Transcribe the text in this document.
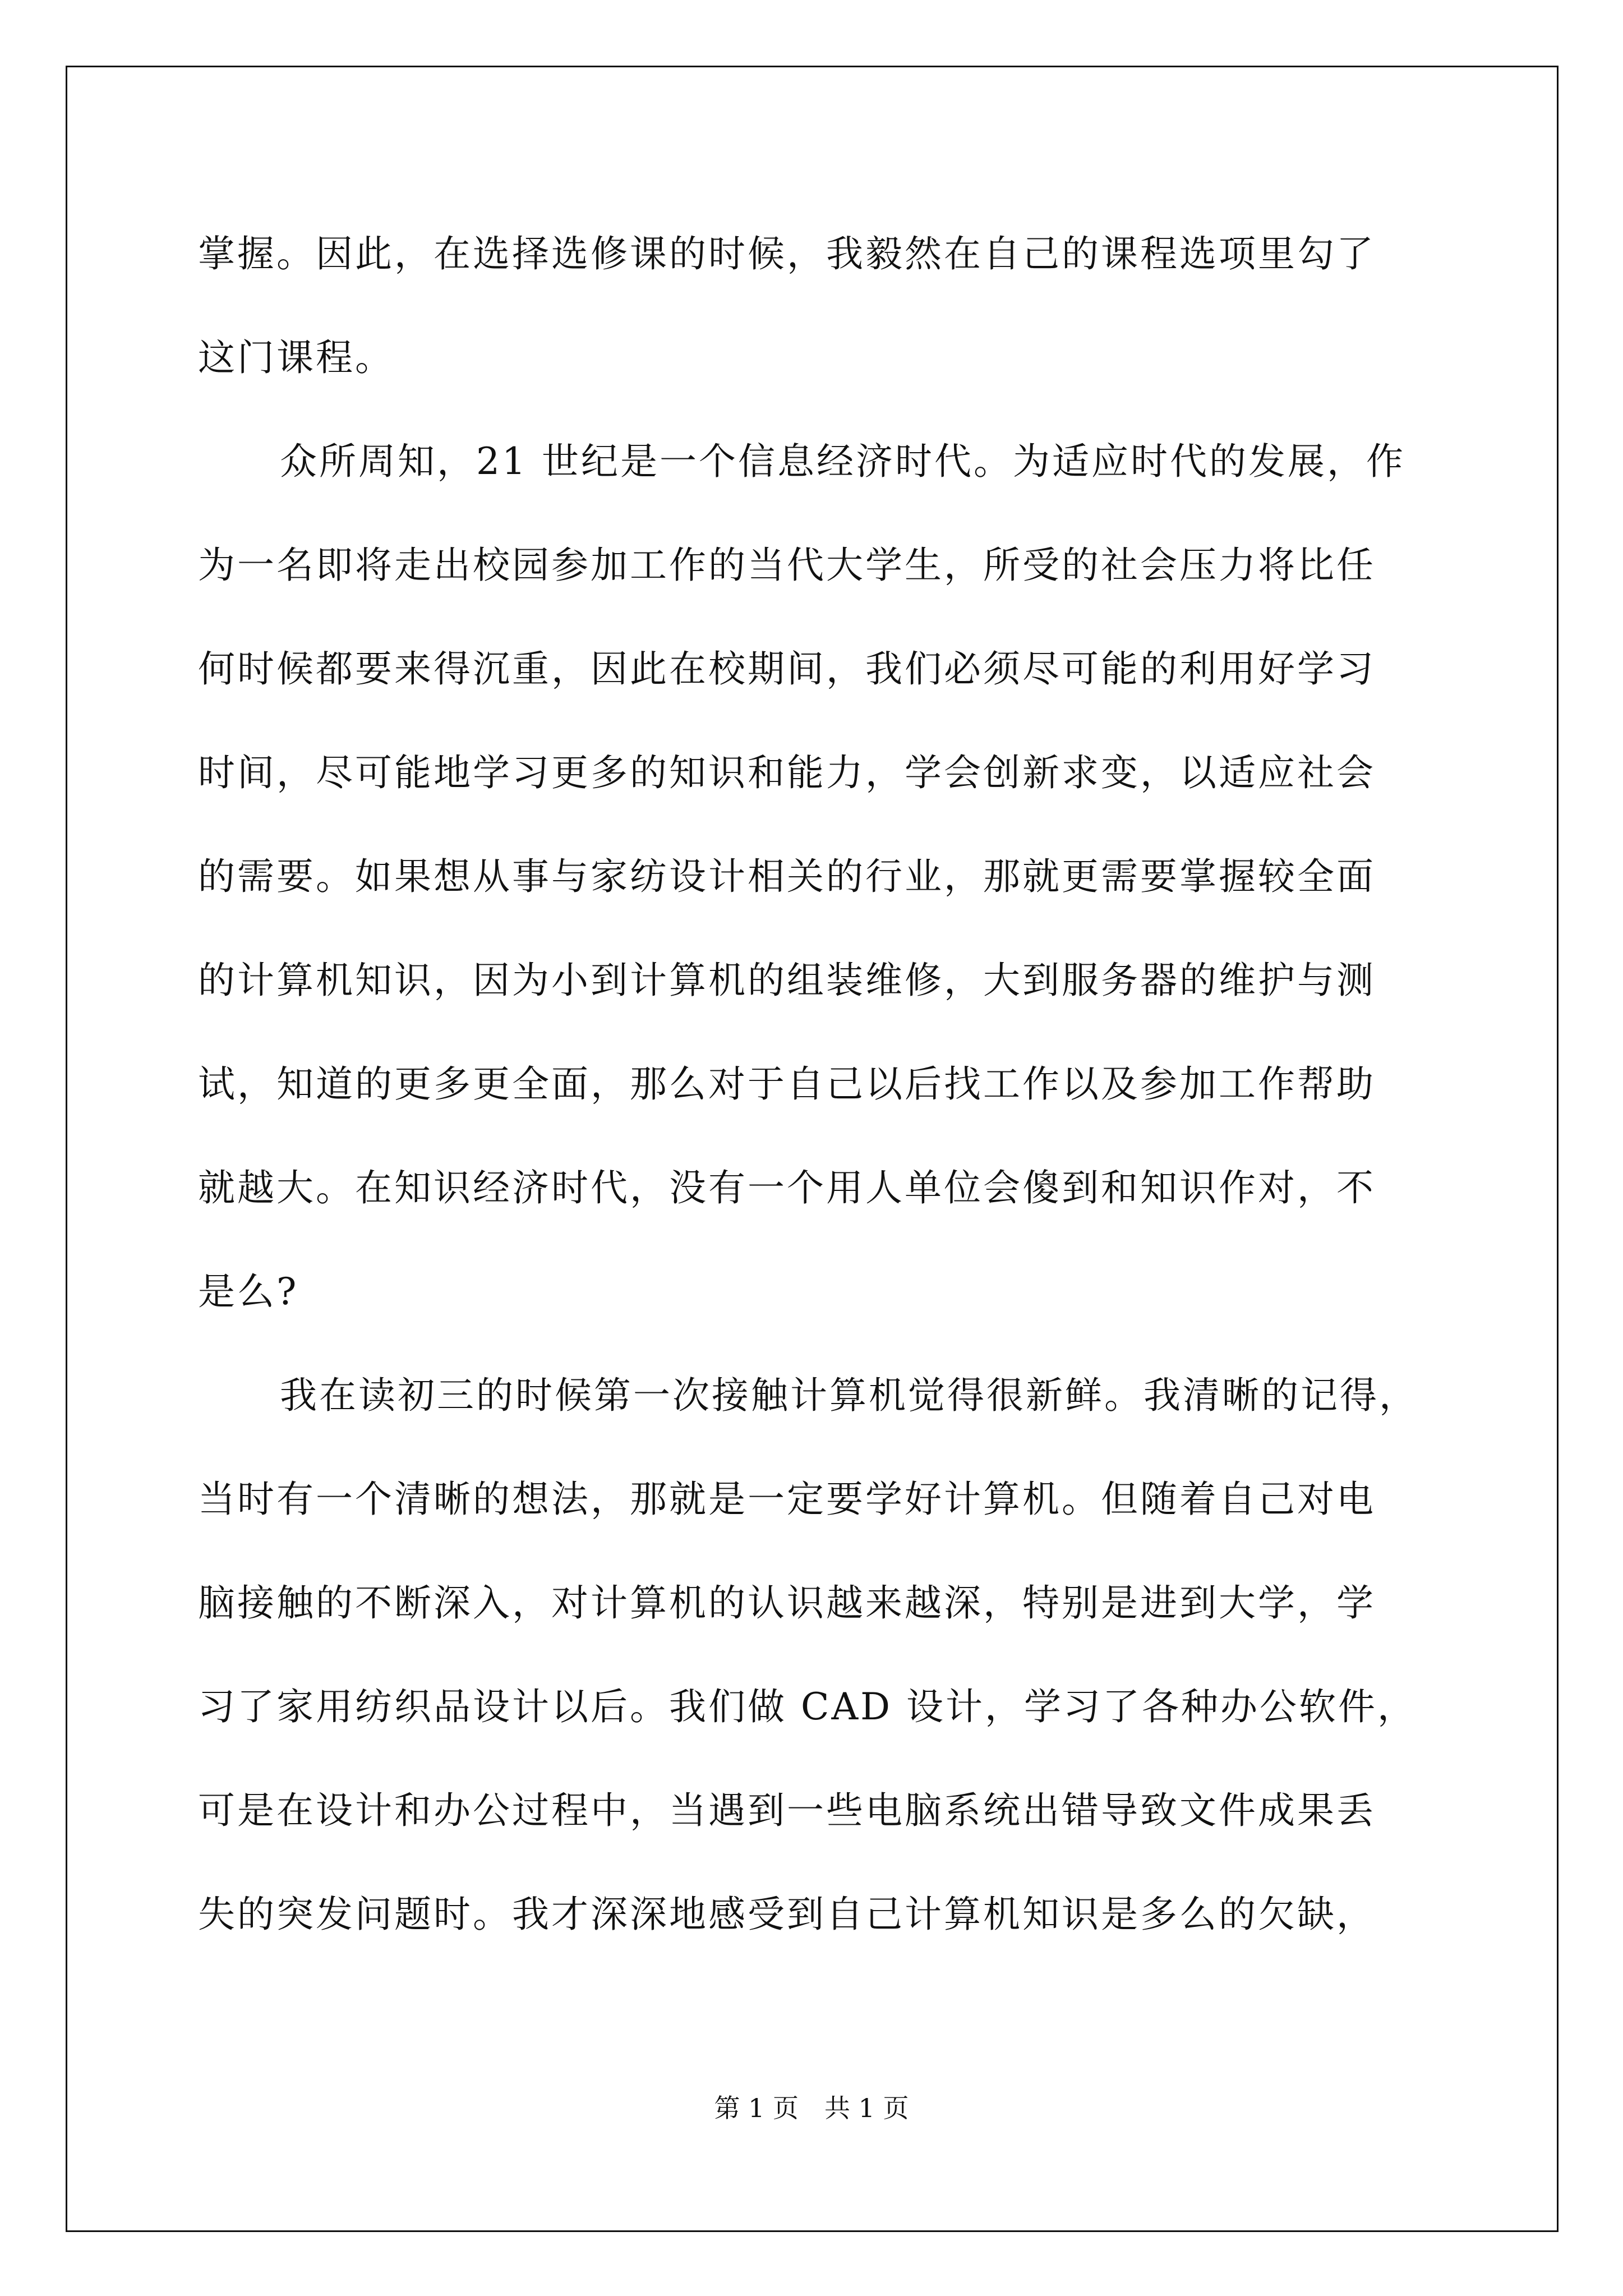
掌握。因此，在选择选修课的时候，我毅然在自己的课程选项里勾了
这门课程。
众所周知，21 世纪是一个信息经济时代。为适应时代的发展，作
为一名即将走出校园参加工作的当代大学生，所受的社会压力将比任
何时候都要来得沉重，因此在校期间，我们必须尽可能的利用好学习
时间，尽可能地学习更多的知识和能力，学会创新求变，以适应社会
的需要。如果想从事与家纺设计相关的行业，那就更需要掌握较全面
的计算机知识，因为小到计算机的组装维修，大到服务器的维护与测
试，知道的更多更全面，那么对于自己以后找工作以及参加工作帮助
就越大。在知识经济时代，没有一个用人单位会傻到和知识作对，不
是么?
我在读初三的时候第一次接触计算机觉得很新鲜。我清晰的记得，
当时有一个清晰的想法，那就是一定要学好计算机。但随着自己对电
脑接触的不断深入，对计算机的认识越来越深，特别是进到大学，学
习了家用纺织品设计以后。我们做 CAD 设计，学习了各种办公软件，
可是在设计和办公过程中，当遇到一些电脑系统出错导致文件成果丢
失的突发问题时。我才深深地感受到自己计算机知识是多么的欠缺，
第 1 页　共 1 页
